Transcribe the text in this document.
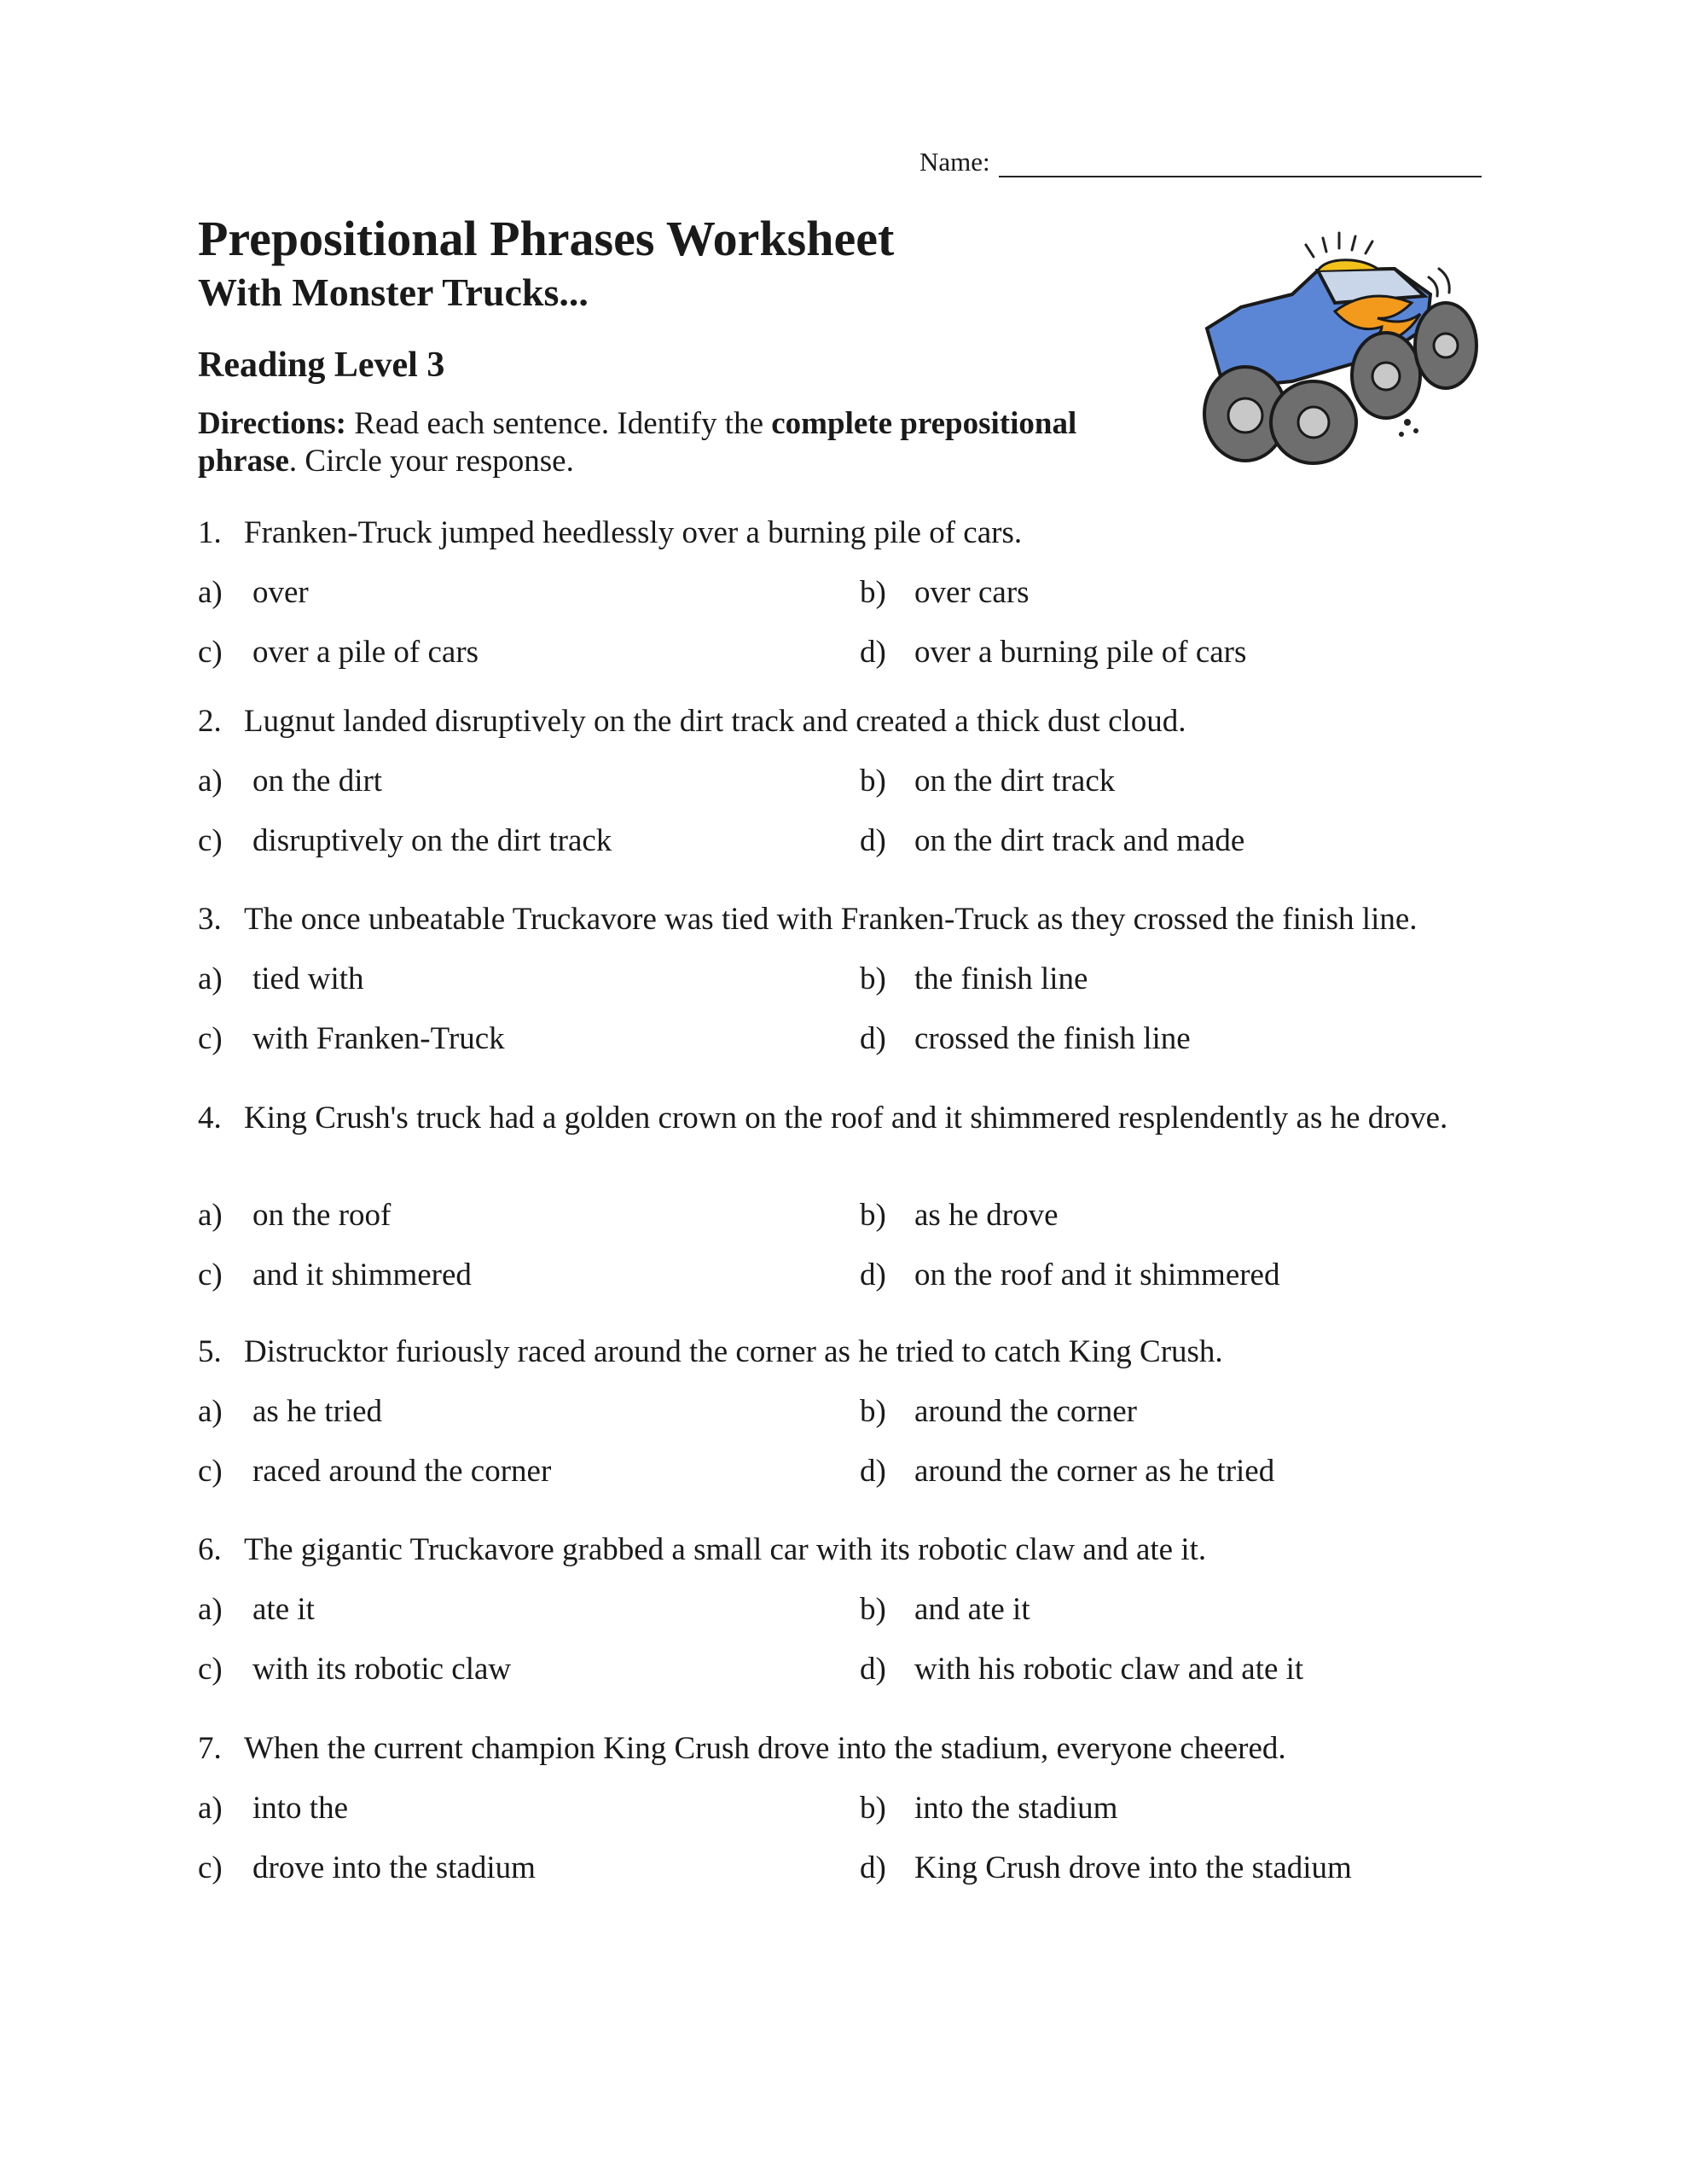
Name:
Prepositional Phrases Worksheet
With Monster Trucks...
Reading Level 3

Directions: Read each sentence. Identify the complete prepositional phrase. Circle your response.

1. Franken-Truck jumped heedlessly over a burning pile of cars.
a) over	b) over cars
c) over a pile of cars	d) over a burning pile of cars
2. Lugnut landed disruptively on the dirt track and created a thick dust cloud.
a) on the dirt	b) on the dirt track
c) disruptively on the dirt track	d) on the dirt track and made
3. The once unbeatable Truckavore was tied with Franken-Truck as they crossed the finish line.
a) tied with	b) the finish line
c) with Franken-Truck	d) crossed the finish line
4. King Crush's truck had a golden crown on the roof and it shimmered resplendently as he drove.
a) on the roof	b) as he drove
c) and it shimmered	d) on the roof and it shimmered
5. Distrucktor furiously raced around the corner as he tried to catch King Crush.
a) as he tried	b) around the corner
c) raced around the corner	d) around the corner as he tried
6. The gigantic Truckavore grabbed a small car with its robotic claw and ate it.
a) ate it	b) and ate it
c) with its robotic claw	d) with his robotic claw and ate it
7. When the current champion King Crush drove into the stadium, everyone cheered.
a) into the	b) into the stadium
c) drove into the stadium	d) King Crush drove into the stadium
